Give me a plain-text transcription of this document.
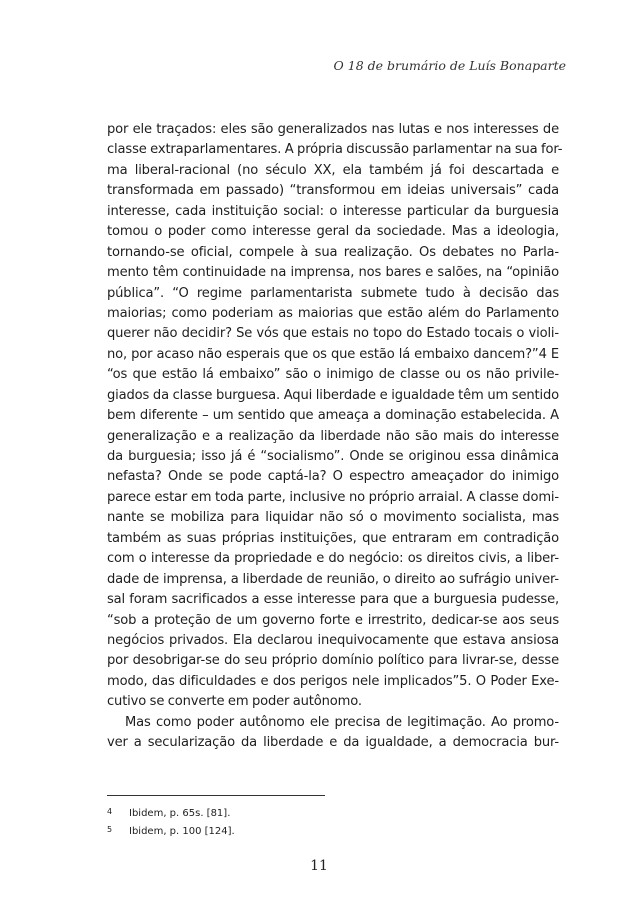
O 18 de brumário de Luís Bonaparte
por ele traçados: eles são generalizados nas lutas e nos interesses de
classe extraparlamentares. A própria discussão parlamentar na sua for-
ma liberal-racional (no século XX, ela também já foi descartada e
transformada em passado) “transformou em ideias universais” cada
interesse, cada instituição social: o interesse particular da burguesia
tomou o poder como interesse geral da sociedade. Mas a ideologia,
tornando-se oficial, compele à sua realização. Os debates no Parla-
mento têm continuidade na imprensa, nos bares e salões, na “opinião
pública”. “O regime parlamentarista submete tudo à decisão das
maiorias; como poderiam as maiorias que estão além do Parlamento
querer não decidir? Se vós que estais no topo do Estado tocais o violi-
no, por acaso não esperais que os que estão lá embaixo dancem?”4 E
“os que estão lá embaixo” são o inimigo de classe ou os não privile-
giados da classe burguesa. Aqui liberdade e igualdade têm um sentido
bem diferente – um sentido que ameaça a dominação estabelecida. A
generalização e a realização da liberdade não são mais do interesse
da burguesia; isso já é “socialismo”. Onde se originou essa dinâmica
nefasta? Onde se pode captá-la? O espectro ameaçador do inimigo
parece estar em toda parte, inclusive no próprio arraial. A classe domi-
nante se mobiliza para liquidar não só o movimento socialista, mas
também as suas próprias instituições, que entraram em contradição
com o interesse da propriedade e do negócio: os direitos civis, a liber-
dade de imprensa, a liberdade de reunião, o direito ao sufrágio univer-
sal foram sacrificados a esse interesse para que a burguesia pudesse,
“sob a proteção de um governo forte e irrestrito, dedicar-se aos seus
negócios privados. Ela declarou inequivocamente que estava ansiosa
por desobrigar-se do seu próprio domínio político para livrar-se, desse
modo, das dificuldades e dos perigos nele implicados”5. O Poder Exe-
cutivo se converte em poder autônomo.
Mas como poder autônomo ele precisa de legitimação. Ao promo-
ver a secularização da liberdade e da igualdade, a democracia bur-
4 Ibidem, p. 65s. [81].
5 Ibidem, p. 100 [124].
11
